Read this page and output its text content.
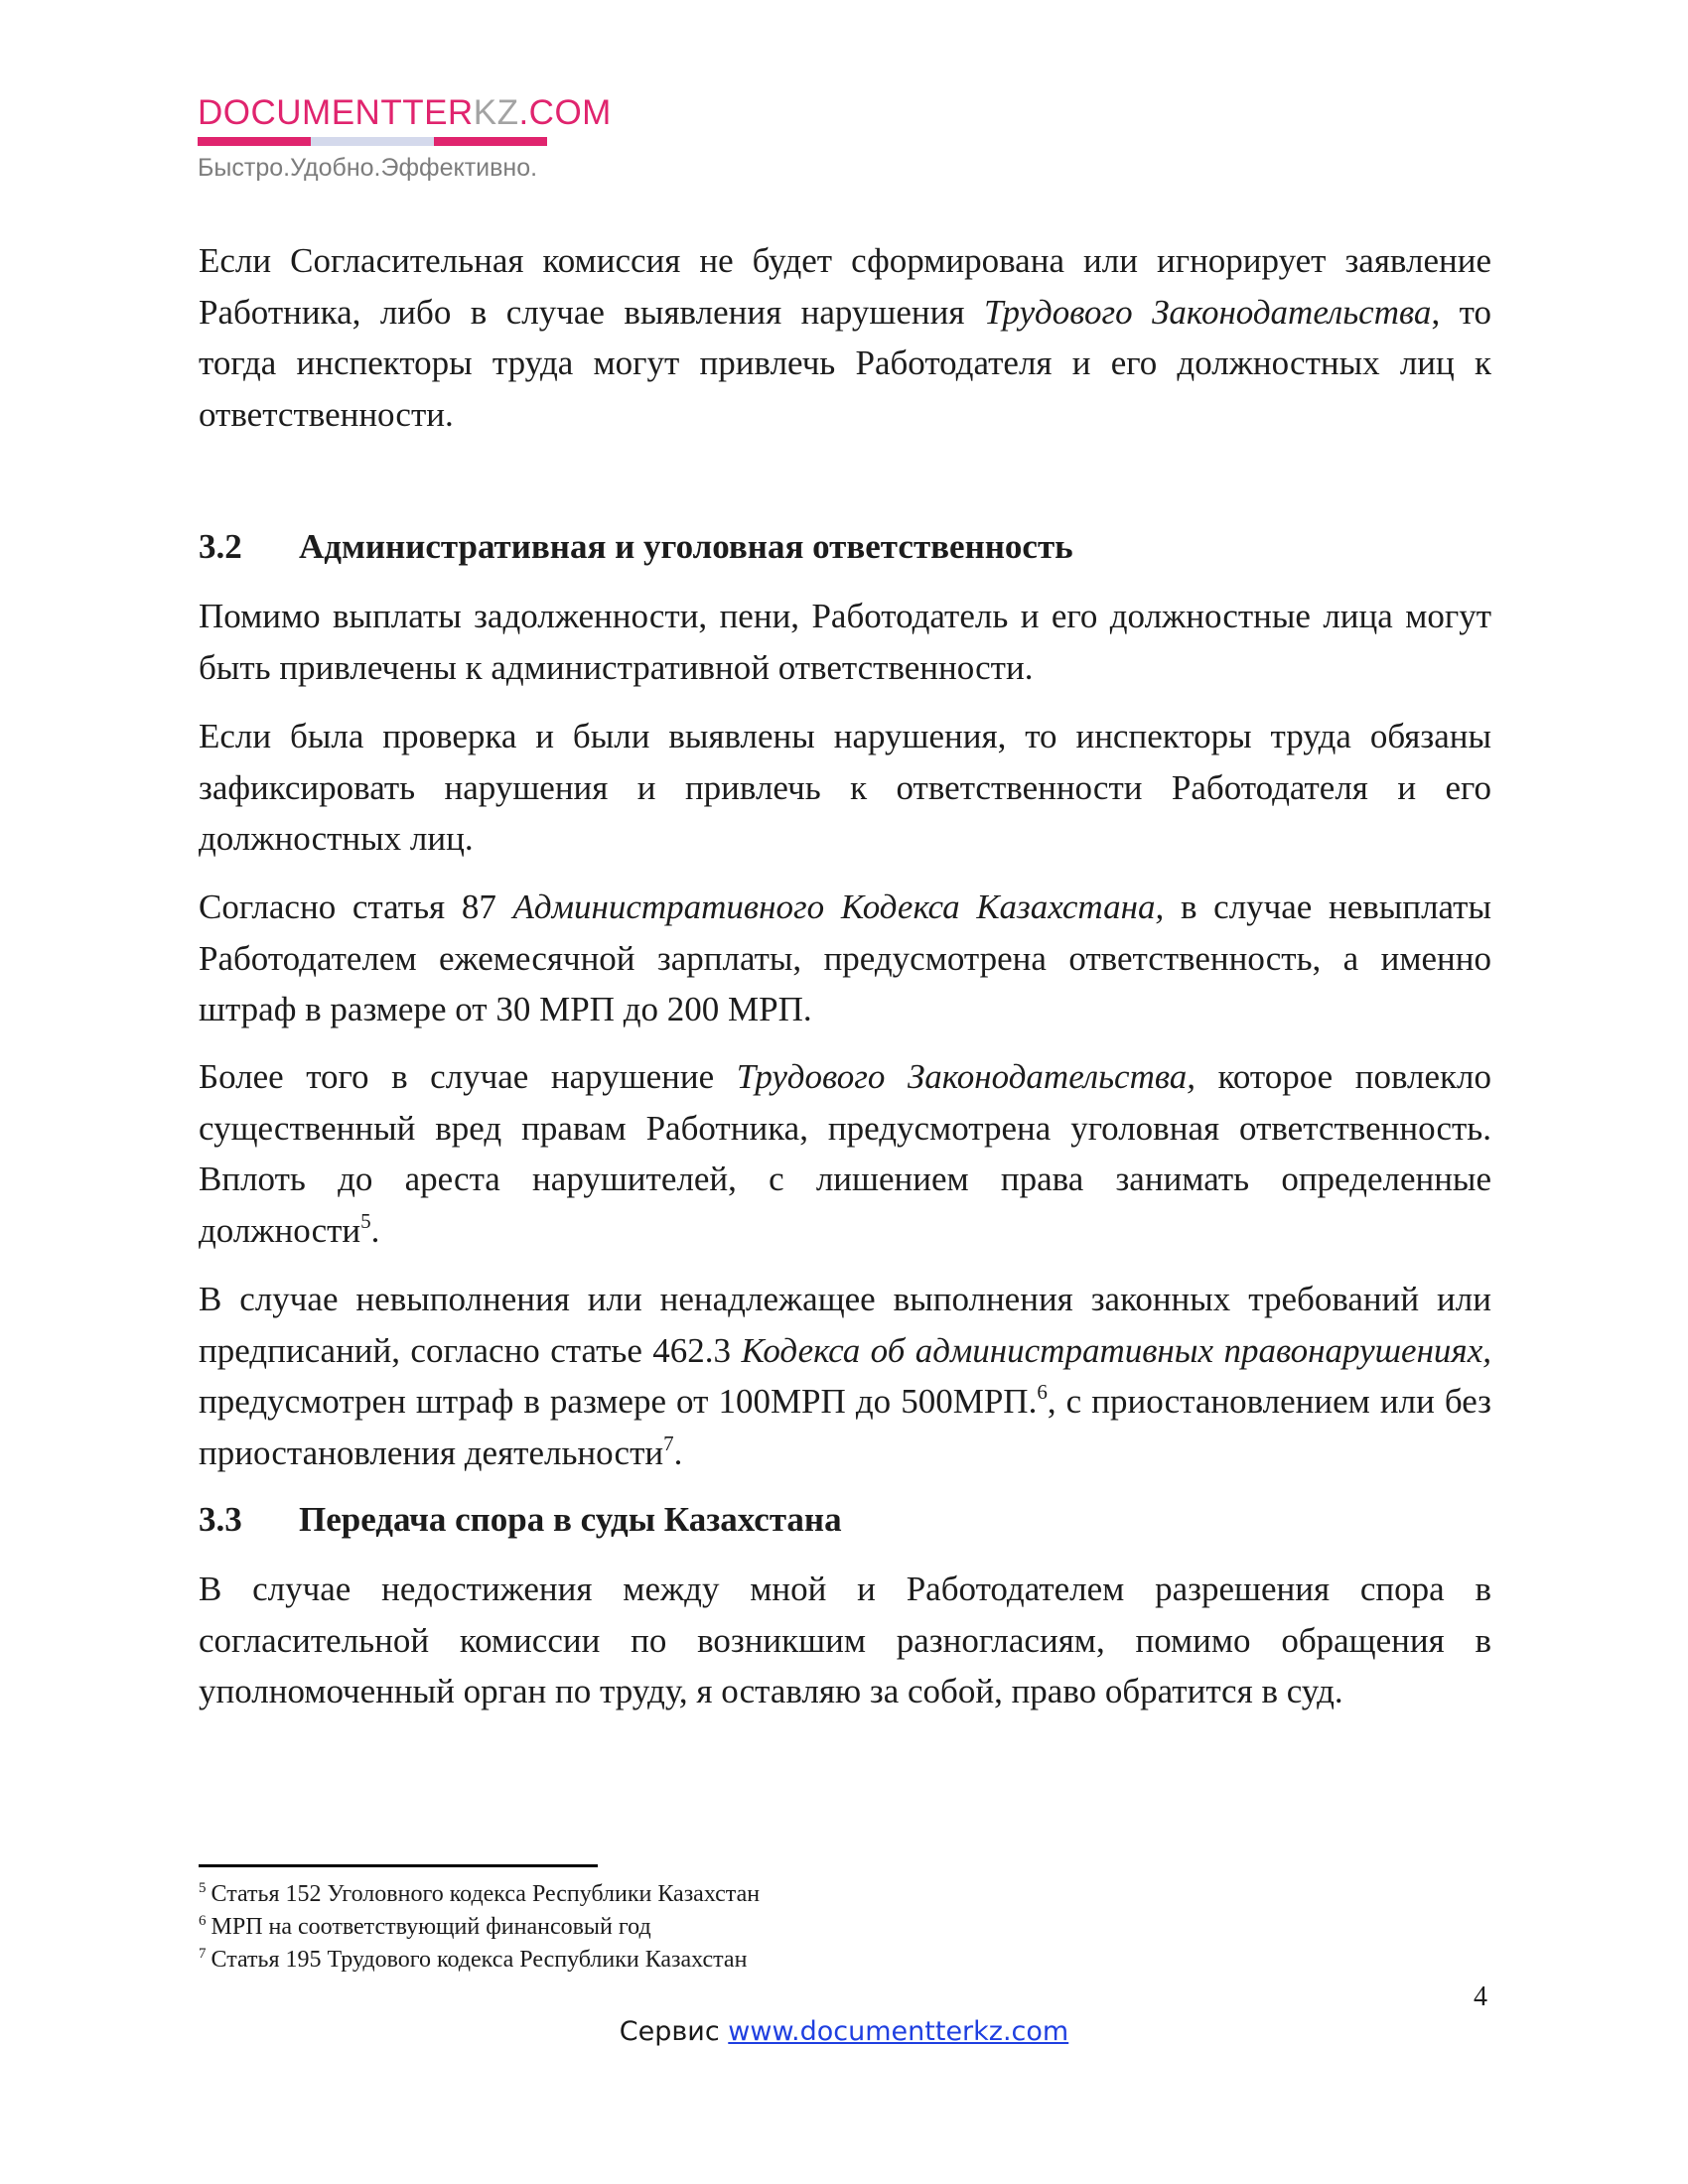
DOCUMENTTERKZ.COM
Быстро.Удобно.Эффективно.

Если Согласительная комиссия не будет сформирована или игнорирует заявление Работника, либо в случае выявления нарушения Трудового Законодательства, то тогда инспекторы труда могут привлечь Работодателя и его должностных лиц к ответственности.

3.2 Административная и уголовная ответственность

Помимо выплаты задолженности, пени, Работодатель и его должностные лица могут быть привлечены к административной ответственности.

Если была проверка и были выявлены нарушения, то инспекторы труда обязаны зафиксировать нарушения и привлечь к ответственности Работодателя и его должностных лиц.

Согласно статья 87 Административного Кодекса Казахстана, в случае невыплаты Работодателем ежемесячной зарплаты, предусмотрена ответственность, а именно штраф в размере от 30 МРП до 200 МРП.

Более того в случае нарушение Трудового Законодательства, которое повлекло существенный вред правам Работника, предусмотрена уголовная ответственность. Вплоть до ареста нарушителей, с лишением права занимать определенные должности$^5$.

В случае невыполнения или ненадлежащее выполнения законных требований или предписаний, согласно статье 462.3 Кодекса об административных правонарушениях, предусмотрен штраф в размере от 100МРП до 500МРП.$^6$, с приостановлением или без приостановления деятельности$^7$.

3.3 Передача спора в суды Казахстана

В случае недостижения между мной и Работодателем разрешения спора в согласительной комиссии по возникшим разногласиям, помимо обращения в уполномоченный орган по труду, я оставляю за собой, право обратится в суд.

$^5$ Статья 152 Уголовного кодекса Республики Казахстан

$^6$ МРП на соответствующий финансовый год

$^7$ Статья 195 Трудового кодекса Республики Казахстан

4
Сервис www.documentterkz.com
